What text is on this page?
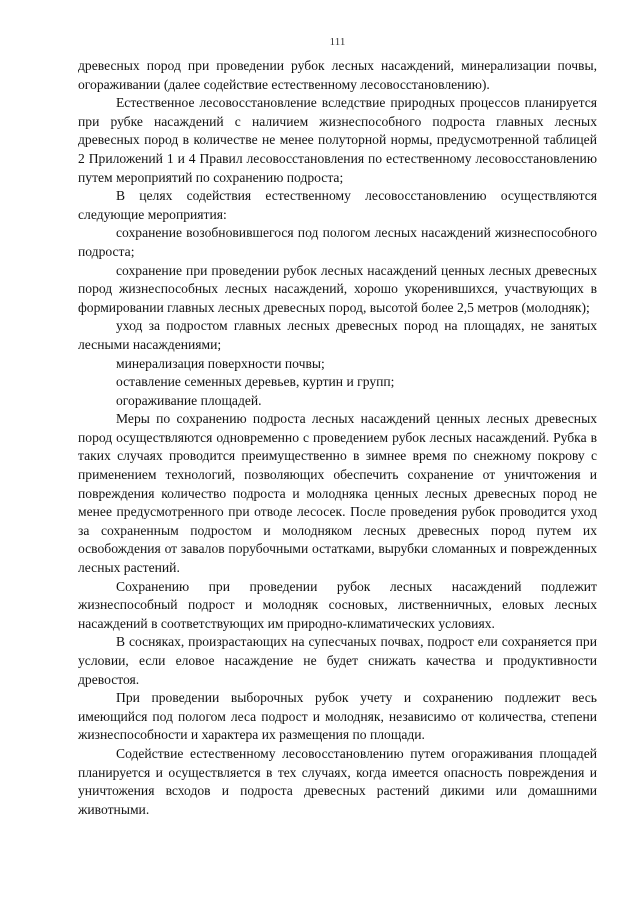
111

древесных пород при проведении рубок лесных насаждений, минерализации почвы, огораживании (далее содействие естественному лесовосстановлению).

Естественное лесовосстановление вследствие природных процессов планируется при рубке насаждений с наличием жизнеспособного подроста главных лесных древесных пород в количестве не менее полуторной нормы, предусмотренной таблицей 2 Приложений 1 и 4 Правил лесовосстановления по естественному лесовосстановлению путем мероприятий по сохранению подроста;

В целях содействия естественному лесовосстановлению осуществляются следующие мероприятия:

сохранение возобновившегося под пологом лесных насаждений жизнеспособного подроста;

сохранение при проведении рубок лесных насаждений ценных лесных древесных пород жизнеспособных лесных насаждений, хорошо укоренившихся, участвующих в формировании главных лесных древесных пород, высотой более 2,5 метров (молодняк);

уход за подростом главных лесных древесных пород на площадях, не занятых лесными насаждениями;

минерализация поверхности почвы;

оставление семенных деревьев, куртин и групп;

огораживание площадей.

Меры по сохранению подроста лесных насаждений ценных лесных древесных пород осуществляются одновременно с проведением рубок лесных насаждений. Рубка в таких случаях проводится преимущественно в зимнее время по снежному покрову с применением технологий, позволяющих обеспечить сохранение от уничтожения и повреждения количество подроста и молодняка ценных лесных древесных пород не менее предусмотренного при отводе лесосек. После проведения рубок проводится уход за сохраненным подростом и молодняком лесных древесных пород путем их освобождения от завалов порубочными остатками, вырубки сломанных и поврежденных лесных растений.

Сохранению при проведении рубок лесных насаждений подлежит жизнеспособный подрост и молодняк сосновых, лиственничных, еловых лесных насаждений в соответствующих им природно-климатических условиях.

В сосняках, произрастающих на супесчаных почвах, подрост ели сохраняется при условии, если еловое насаждение не будет снижать качества и продуктивности древостоя.

При проведении выборочных рубок учету и сохранению подлежит весь имеющийся под пологом леса подрост и молодняк, независимо от количества, степени жизнеспособности и характера их размещения по площади.

Содействие естественному лесовосстановлению путем огораживания площадей планируется и осуществляется в тех случаях, когда имеется опасность повреждения и уничтожения всходов и подроста древесных растений дикими или домашними животными.
